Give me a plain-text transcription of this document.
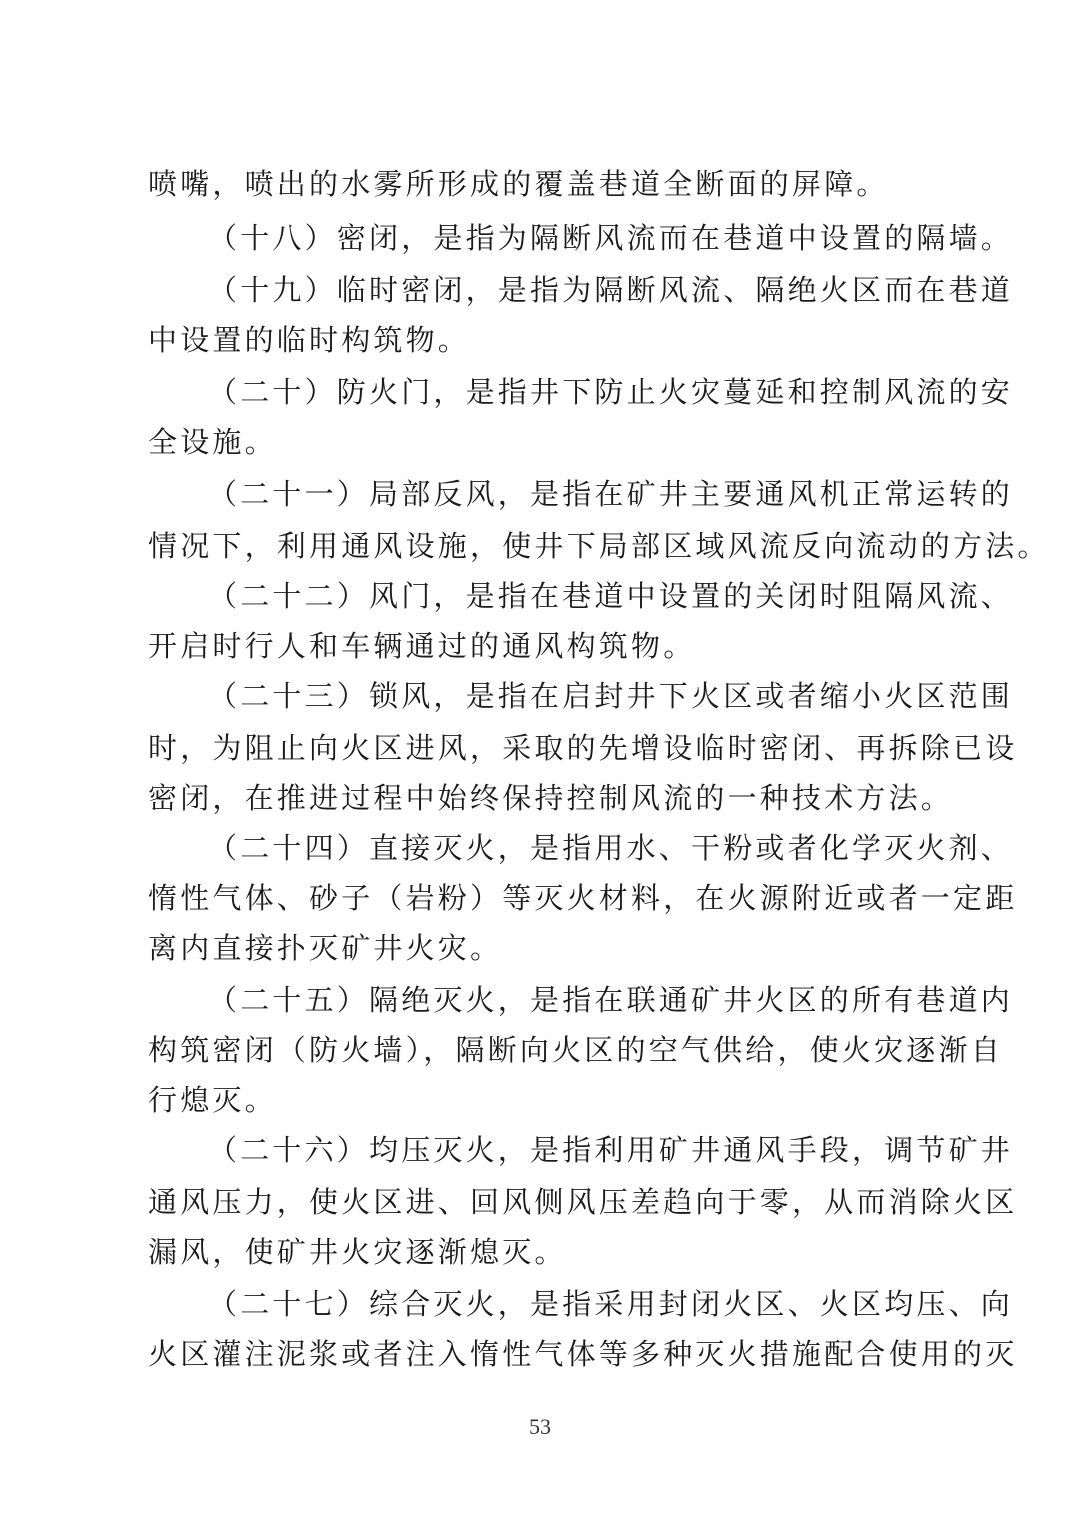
喷嘴，喷出的水雾所形成的覆盖巷道全断面的屏障。
（十八）密闭，是指为隔断风流而在巷道中设置的隔墙。
（十九）临时密闭，是指为隔断风流、隔绝火区而在巷道
中设置的临时构筑物。
（二十）防火门，是指井下防止火灾蔓延和控制风流的安
全设施。
（二十一）局部反风，是指在矿井主要通风机正常运转的
情况下，利用通风设施，使井下局部区域风流反向流动的方法。
（二十二）风门，是指在巷道中设置的关闭时阻隔风流、
开启时行人和车辆通过的通风构筑物。
（二十三）锁风，是指在启封井下火区或者缩小火区范围
时，为阻止向火区进风，采取的先增设临时密闭、再拆除已设
密闭，在推进过程中始终保持控制风流的一种技术方法。
（二十四）直接灭火，是指用水、干粉或者化学灭火剂、
惰性气体、砂子（岩粉）等灭火材料，在火源附近或者一定距
离内直接扑灭矿井火灾。
（二十五）隔绝灭火，是指在联通矿井火区的所有巷道内
构筑密闭（防火墙），隔断向火区的空气供给，使火灾逐渐自
行熄灭。
（二十六）均压灭火，是指利用矿井通风手段，调节矿井
通风压力，使火区进、回风侧风压差趋向于零，从而消除火区
漏风，使矿井火灾逐渐熄灭。
（二十七）综合灭火，是指采用封闭火区、火区均压、向
火区灌注泥浆或者注入惰性气体等多种灭火措施配合使用的灭
53
